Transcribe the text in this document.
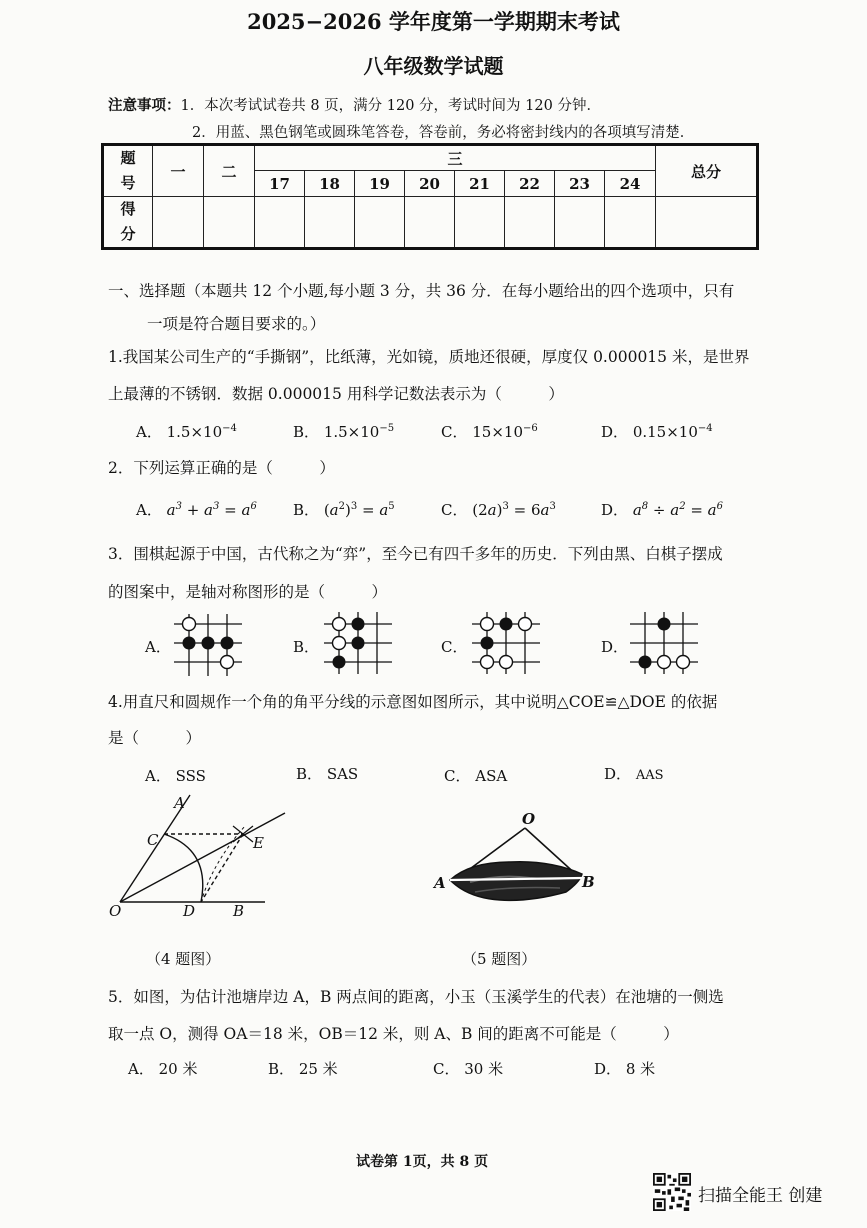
2025−2026 学年度第一学期期末考试
八年级数学试题
注意事项：1．本次考试试卷共 8 页，满分 120 分，考试时间为 120 分钟．
2．用蓝、黑色钢笔或圆珠笔答卷，答卷前，务必将密封线内的各项填写清楚．
题
号	一	二	三								总分
			17	18	19	20	21	22	23	24	
得
分											
一、选择题（本题共 12 个小题,每小题 3 分，共 36 分．在每小题给出的四个选项中，只有
一项是符合题目要求的。）
1.我国某公司生产的“手撕钢”，比纸薄，光如镜，质地还很硬，厚度仅 0.000015 米，是世界
上最薄的不锈钢．数据 0.000015 用科学记数法表示为（　　　）
A． $1.5\times 10^{-4}$	B． $1.5\times 10^{-5}$	C． $15\times 10^{-6}$	D． $0.15\times 10^{-4}$
2．下列运算正确的是（　　　）
A． $a^3 + a^3 = a^6$ B． $(a^2)^3 = a^5$	C． $(2a)^3 = 6a^3$	D． $a^8 \div a^2 = a^6$
3．围棋起源于中国，古代称之为“弈”，至今已有四千多年的历史．下列由黑、白棋子摆成
的图案中，是轴对称图形的是（　　　）
A．	B．	C．	D．
4.用直尺和圆规作一个角的角平分线的示意图如图所示，其中说明△COE≌△DOE 的依据
是（　　　）
A． SSS	B． SAS	C． ASA	D． AAS
A
C	E
O	D	B
（4 题图）
O
A	B
（5 题图）
5．如图，为估计池塘岸边 A，B 两点间的距离，小玉（玉溪学生的代表）在池塘的一侧选
取一点 O，测得 OA＝18 米，OB＝12 米，则 A、B 间的距离不可能是（　　　）
A． 20 米	B． 25 米	C． 30 米	D． 8 米
试卷第 1页，共 8 页
扫描全能王 创建
